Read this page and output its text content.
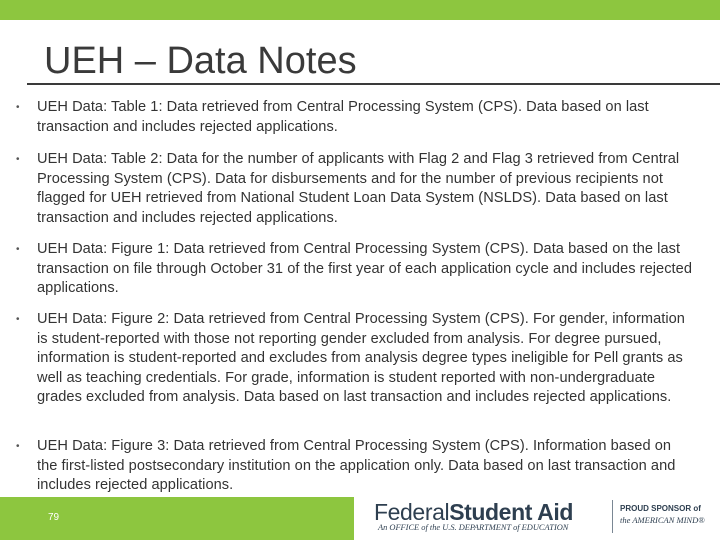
UEH – Data Notes
• UEH Data: Table 1: Data retrieved from Central Processing System (CPS). Data based on last transaction and includes rejected applications.
• UEH Data: Table 2: Data for the number of applicants with Flag 2 and Flag 3 retrieved from Central Processing System (CPS). Data for disbursements and for the number of previous recipients not flagged for UEH retrieved from National Student Loan Data System (NSLDS). Data based on last transaction and includes rejected applications.
• UEH Data: Figure 1: Data retrieved from Central Processing System (CPS). Data based on the last transaction on file through October 31 of the first year of each application cycle and includes rejected applications.
• UEH Data: Figure 2: Data retrieved from Central Processing System (CPS). For gender, information is student-reported with those not reporting gender excluded from analysis. For degree pursued, information is student-reported and excludes from analysis degree types ineligible for Pell grants as well as teaching credentials. For grade, information is student reported with non-undergraduate grades excluded from analysis. Data based on last transaction and includes rejected applications.
• UEH Data: Figure 3: Data retrieved from Central Processing System (CPS). Information based on the first-listed postsecondary institution on the application only. Data based on last transaction and includes rejected applications.
79	FederalStudent Aid
An OFFICE of the U.S. DEPARTMENT of EDUCATION
PROUD SPONSOR of
the AMERICAN MIND®
